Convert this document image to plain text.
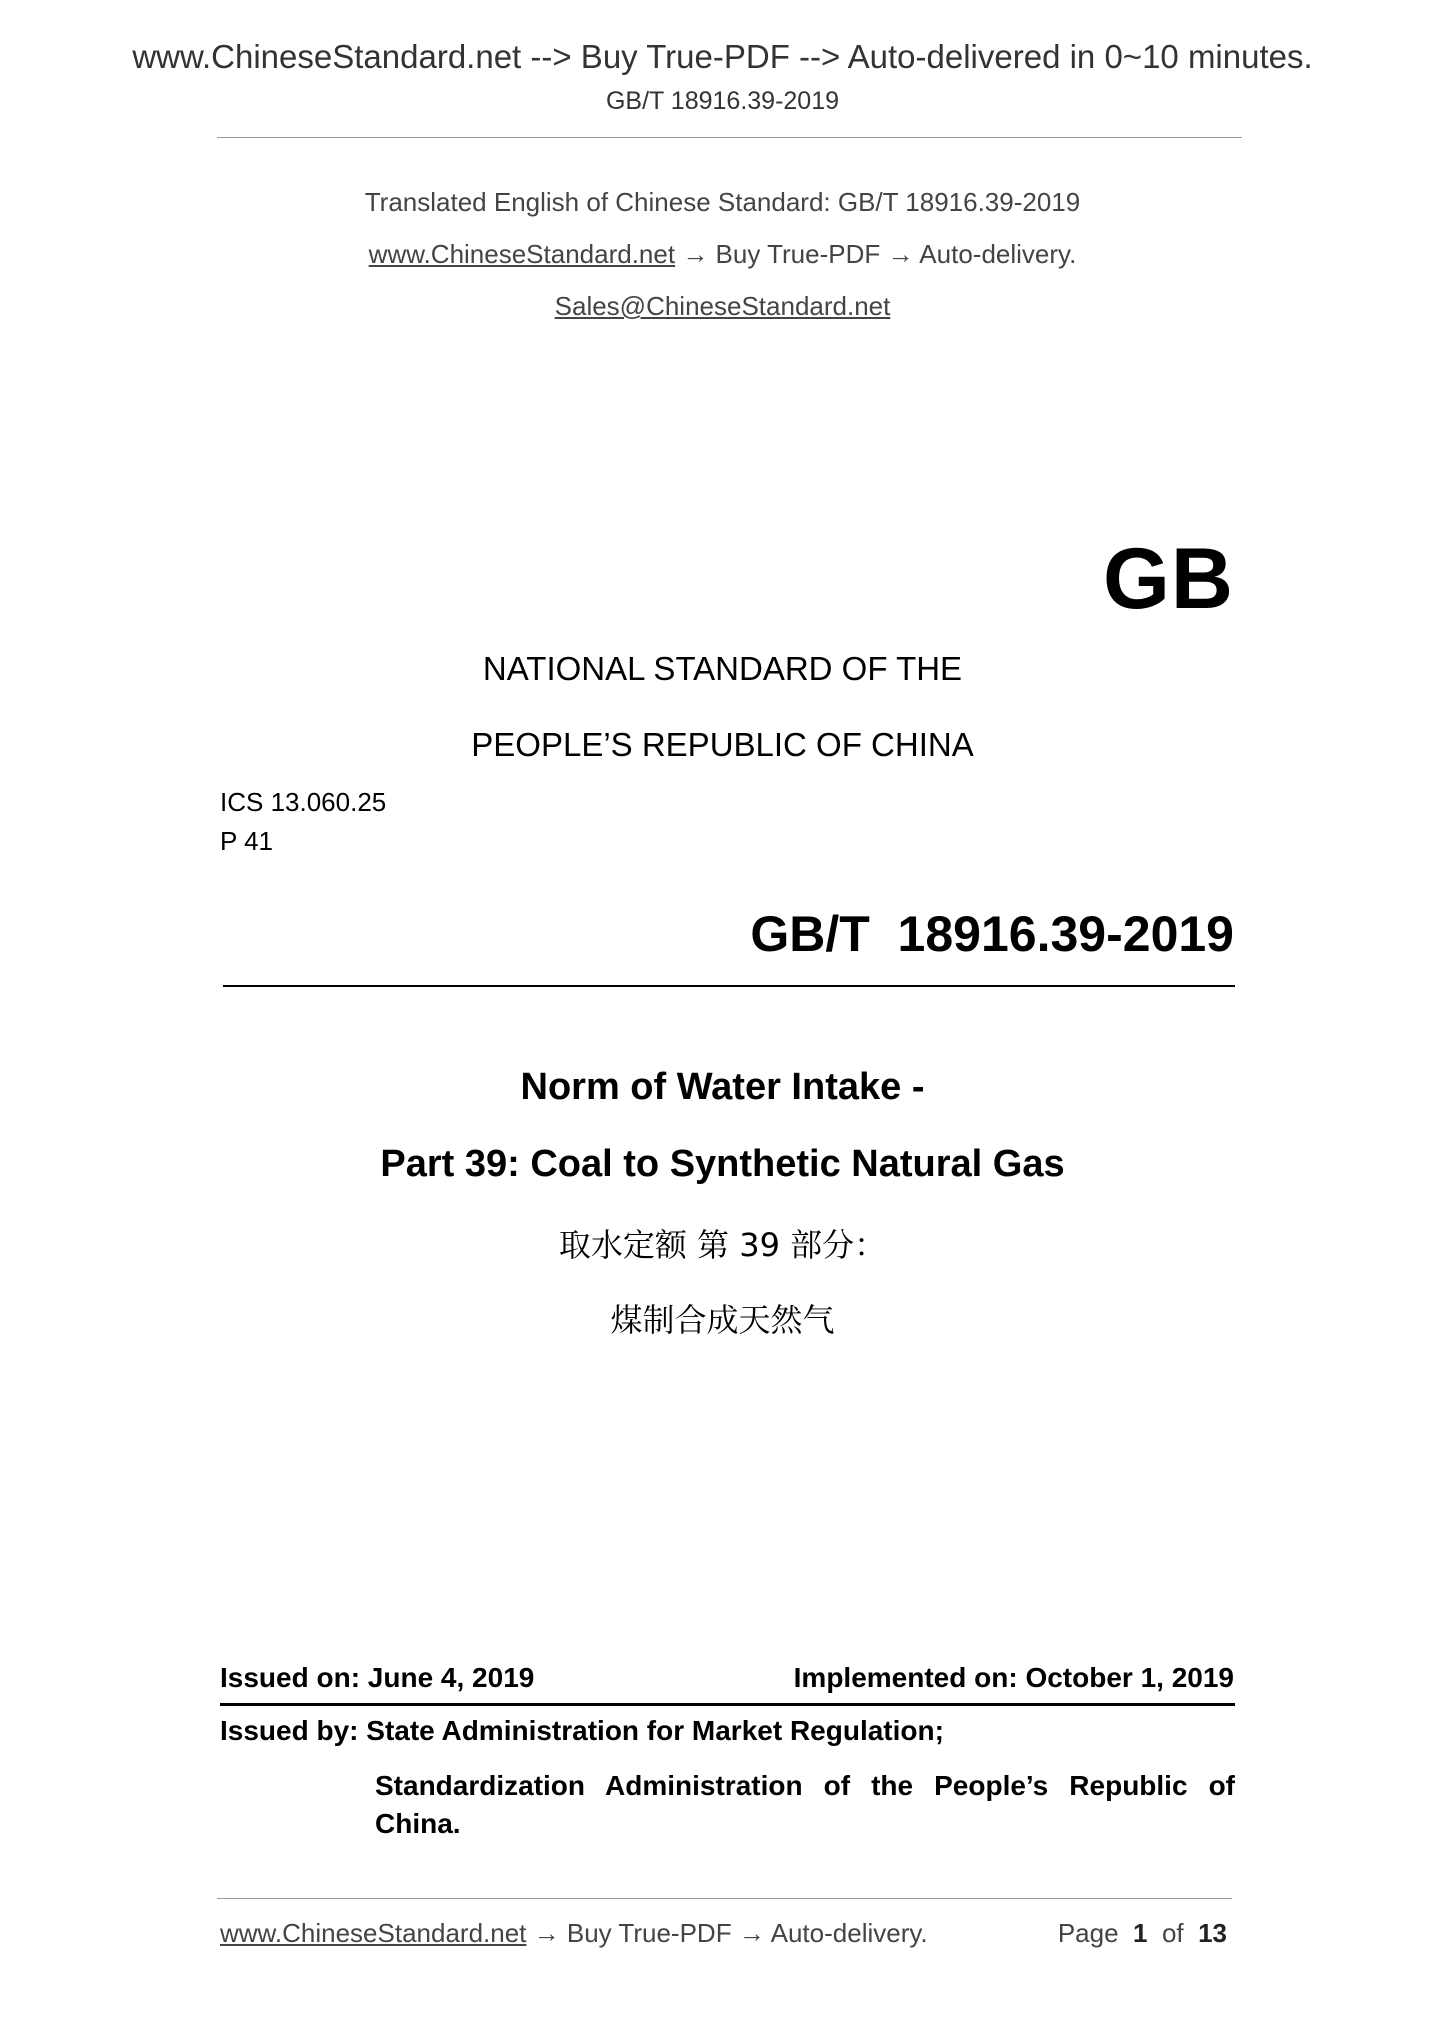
www.ChineseStandard.net --> Buy True-PDF --> Auto-delivered in 0~10 minutes.
GB/T 18916.39-2019
Translated English of Chinese Standard: GB/T 18916.39-2019
www.ChineseStandard.net → Buy True-PDF → Auto-delivery.
Sales@ChineseStandard.net
GB
NATIONAL STANDARD OF THE
PEOPLE’S REPUBLIC OF CHINA
ICS 13.060.25
P 41
GB/T  18916.39-2019
Norm of Water Intake -
Part 39: Coal to Synthetic Natural Gas
取水定额 第 39 部分：
煤制合成天然气
Issued on: June 4, 2019	Implemented on: October 1, 2019
Issued by: State Administration for Market Regulation;
Standardization Administration of the People’s Republic of China.
www.ChineseStandard.net → Buy True-PDF → Auto-delivery.	Page 1 of 13
